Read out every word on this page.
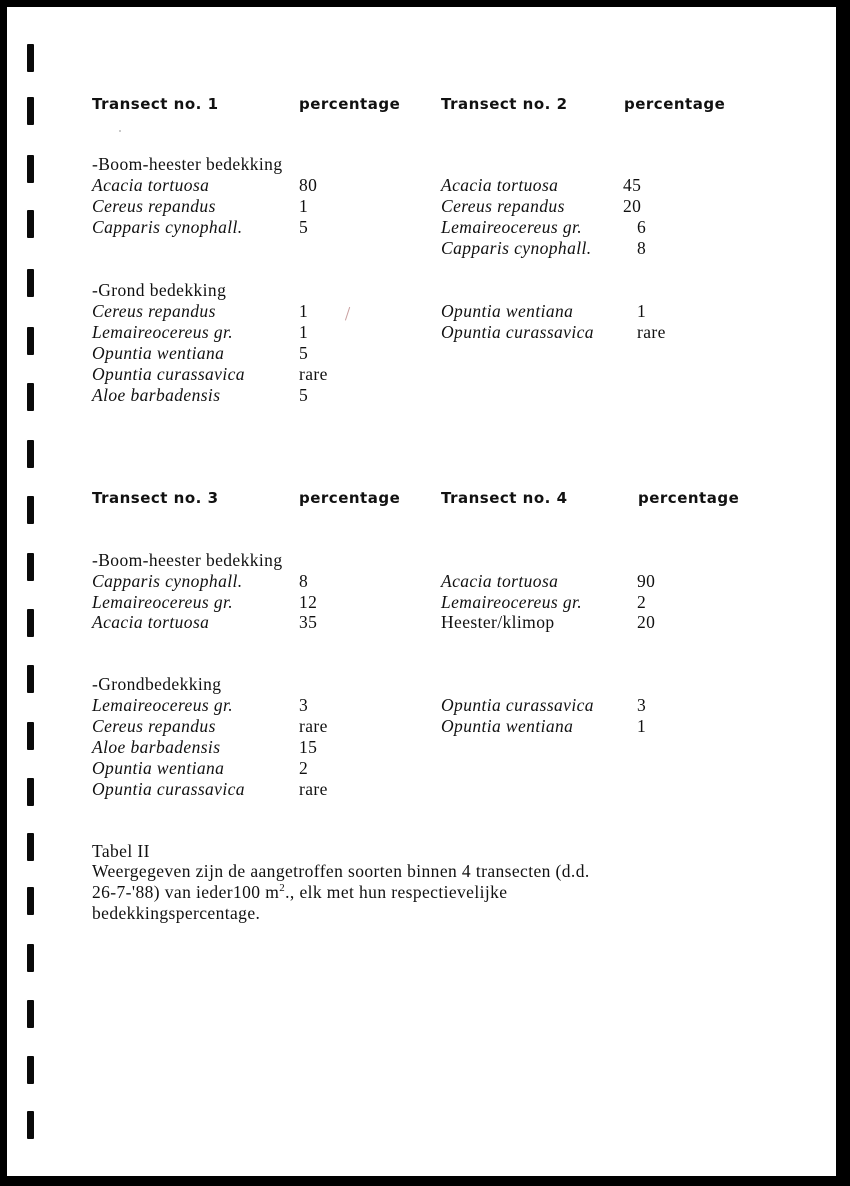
Transect no. 1	percentage
-Boom-heester bedekking
Acacia tortuosa	80
Cereus repandus	1
Capparis cynophall.	5
-Grond bedekking
Cereus repandus	1
Lemaireocereus gr.	1
Opuntia wentiana	5
Opuntia curassavica	rare
Aloe barbadensis	5
Transect no. 2	percentage
Acacia tortuosa	45
Cereus repandus	20
Lemaireocereus gr.	6
Capparis cynophall.	8
Opuntia wentiana	1
Opuntia curassavica rare
Transect no. 3	percentage
-Boom-heester bedekking
Capparis cynophall.	8
Lemaireocereus gr.	12
Acacia tortuosa	35
-Grondbedekking
Lemaireocereus gr.	3
Cereus repandus	rare
Aloe barbadensis	15
Opuntia wentiana	2
Opuntia curassavica	rare
Transect no. 4	percentage
Acacia tortuosa	90
Lemaireocereus gr.	2
Heester/klimop	20
Opuntia curassavica 3
Opuntia wentiana	1
Tabel II
Weergegeven zijn de aangetroffen soorten binnen 4 transecten (d.d.
26-7-'88) van ieder100 $m^2$., elk met hun respectievelijke
bedekkingspercentage.
